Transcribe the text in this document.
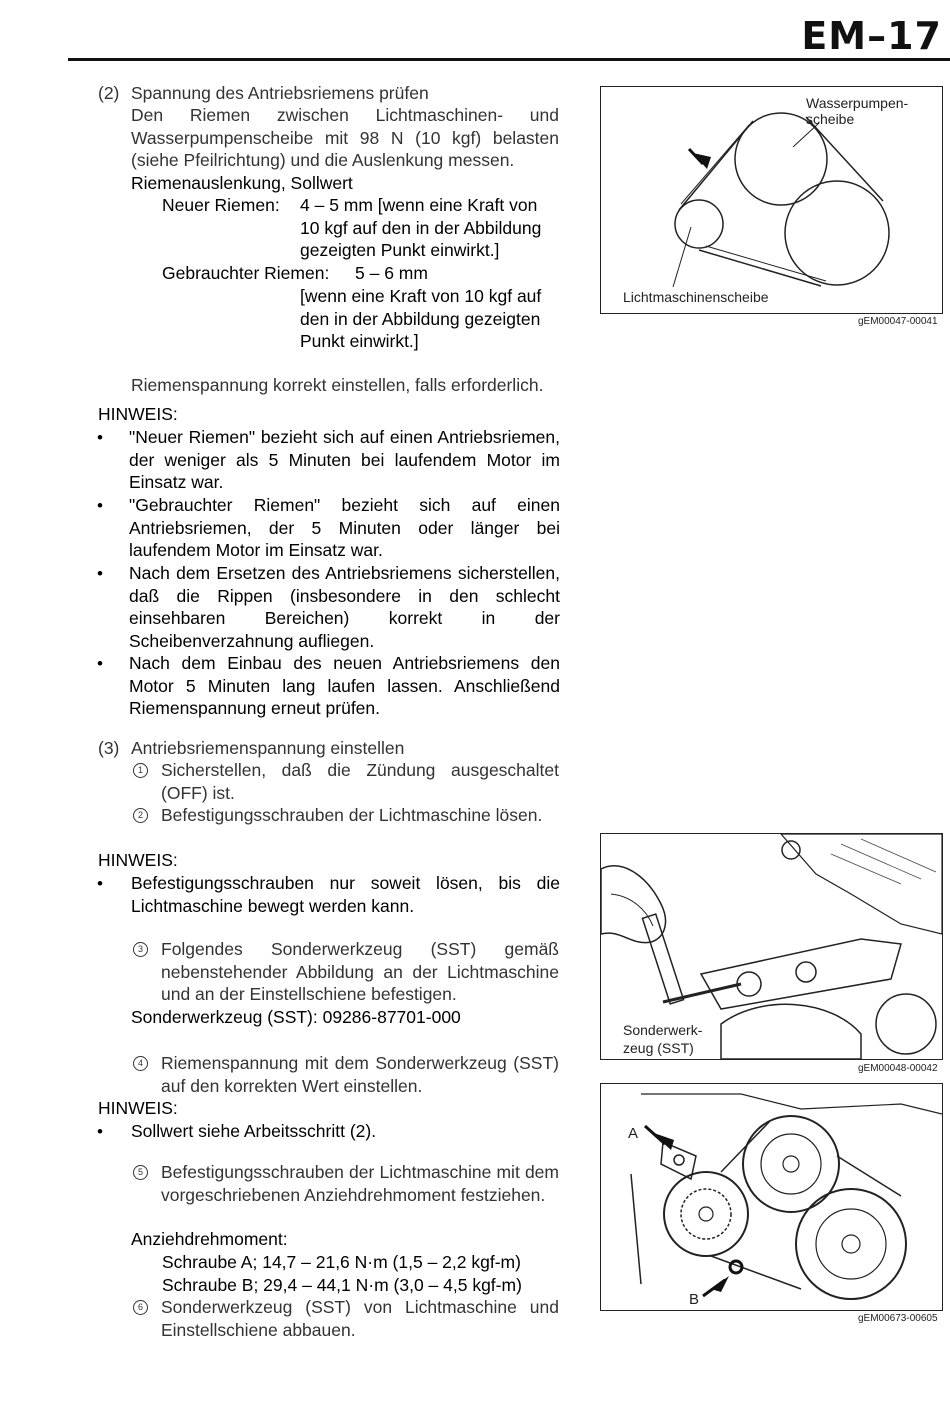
EM–17
(2) Spannung des Antriebsriemens prüfen

Den Riemen zwischen Lichtmaschinen- und Wasserpumpenscheibe mit 98 N (10 kgf) belasten (siehe Pfeilrichtung) und die Auslenkung messen.

Riemenauslenkung, Sollwert
Neuer Riemen: 4 – 5 mm [wenn eine Kraft von 10 kgf auf den in der Abbildung gezeigten Punkt einwirkt.]

Gebrauchter Riemen: 5 – 6 mm

[wenn eine Kraft von 10 kgf auf den in der Abbildung gezeigten Punkt einwirkt.]

Riemenspannung korrekt einstellen, falls erforderlich.
HINWEIS:
• "Neuer Riemen" bezieht sich auf einen Antriebsriemen, der weniger als 5 Minuten bei laufendem Motor im Einsatz war.

• "Gebrauchter Riemen" bezieht sich auf einen Antriebsriemen, der 5 Minuten oder länger bei laufendem Motor im Einsatz war.

• Nach dem Ersetzen des Antriebsriemens sicherstellen, daß die Rippen (insbesondere in den schlecht einsehbaren Bereichen) korrekt in der Scheibenverzahnung aufliegen.

• Nach dem Einbau des neuen Antriebsriemens den Motor 5 Minuten lang laufen lassen. Anschließend Riemenspannung erneut prüfen.

(3) Antriebsriemenspannung einstellen
1 Sicherstellen, daß die Zündung ausgeschaltet (OFF) ist.

2 Befestigungsschrauben der Lichtmaschine lösen.

HINWEIS:
• Befestigungsschrauben nur soweit lösen, bis die Lichtmaschine bewegt werden kann.

3 Folgendes Sonderwerkzeug (SST) gemäß nebenstehender Abbildung an der Lichtmaschine und an der Einstellschiene befestigen.

Sonderwerkzeug (SST): 09286-87701-000
4 Riemenspannung mit dem Sonderwerkzeug (SST) auf den korrekten Wert einstellen.

HINWEIS:
• Sollwert siehe Arbeitsschritt (2).
5 Befestigungsschrauben der Lichtmaschine mit dem vorgeschriebenen Anziehdrehmoment festziehen.

Anziehdrehmoment:
Schraube A; 14,7 – 21,6 N·m (1,5 – 2,2 kgf-m)
Schraube B; 29,4 – 44,1 N·m (3,0 – 4,5 kgf-m)
6 Sonderwerkzeug (SST) von Lichtmaschine und Einstellschiene abbauen.

Wasserpumpen-
scheibe
Lichtmaschinenscheibe
gEM00047-00041
Sonderwerk-
zeug (SST)
gEM00048-00042
A
B
gEM00673-00605
